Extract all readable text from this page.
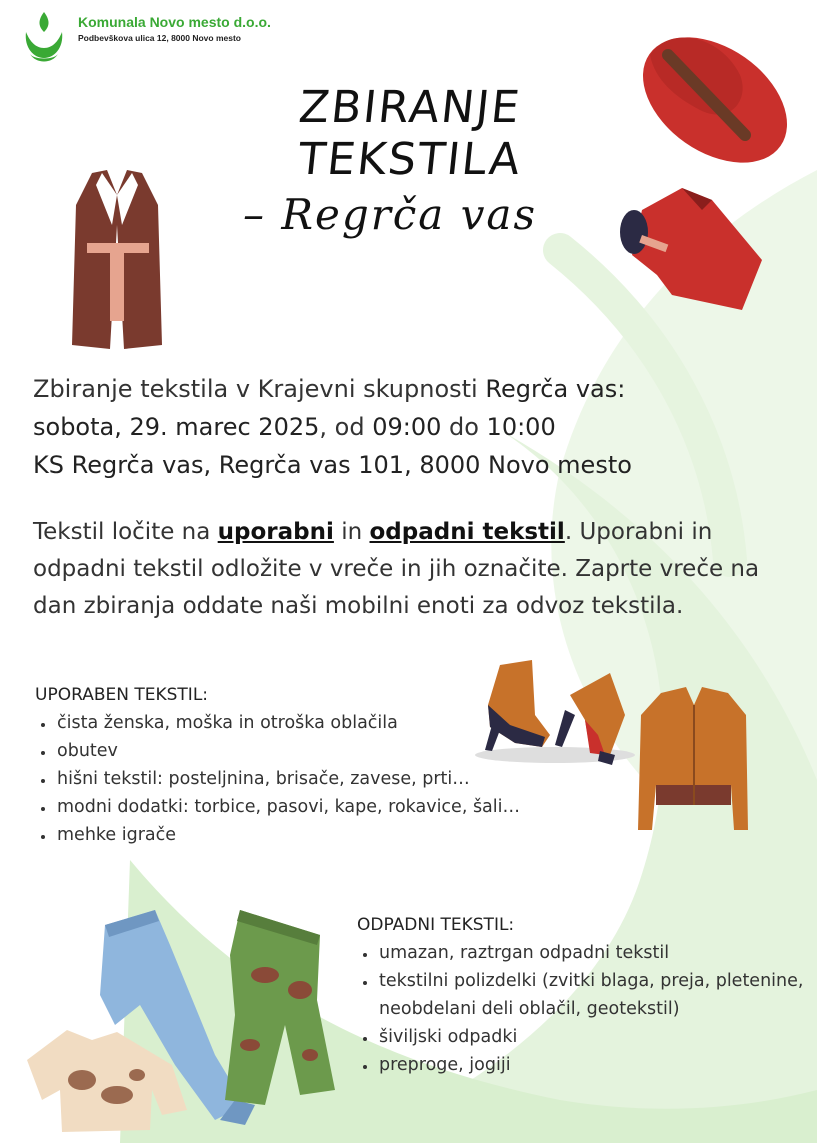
Komunala Novo mesto d.o.o.
Podbevškova ulica 12, 8000 Novo mesto
ZBIRANJE
TEKSTILA
– Regrča vas
Zbiranje tekstila v Krajevni skupnosti Regrča vas:
sobota, 29. marec 2025, od 09:00 do 10:00
KS Regrča vas, Regrča vas 101, 8000 Novo mesto
Tekstil ločite na uporabni in odpadni tekstil. Uporabni in odpadni tekstil odložite v vreče in jih označite. Zaprte vreče na dan zbiranja oddate naši mobilni enoti za odvoz tekstila.
UPORABEN TEKSTIL:
• čista ženska, moška in otroška oblačila
• obutev
• hišni tekstil: posteljnina, brisače, zavese, prti…
• modni dodatki: torbice, pasovi, kape, rokavice, šali…
• mehke igrače
ODPADNI TEKSTIL:
• umazan, raztrgan odpadni tekstil
• tekstilni polizdelki (zvitki blaga, preja, pletenine, neobdelani deli oblačil, geotekstil)
• šiviljski odpadki
• preproge, jogiji
